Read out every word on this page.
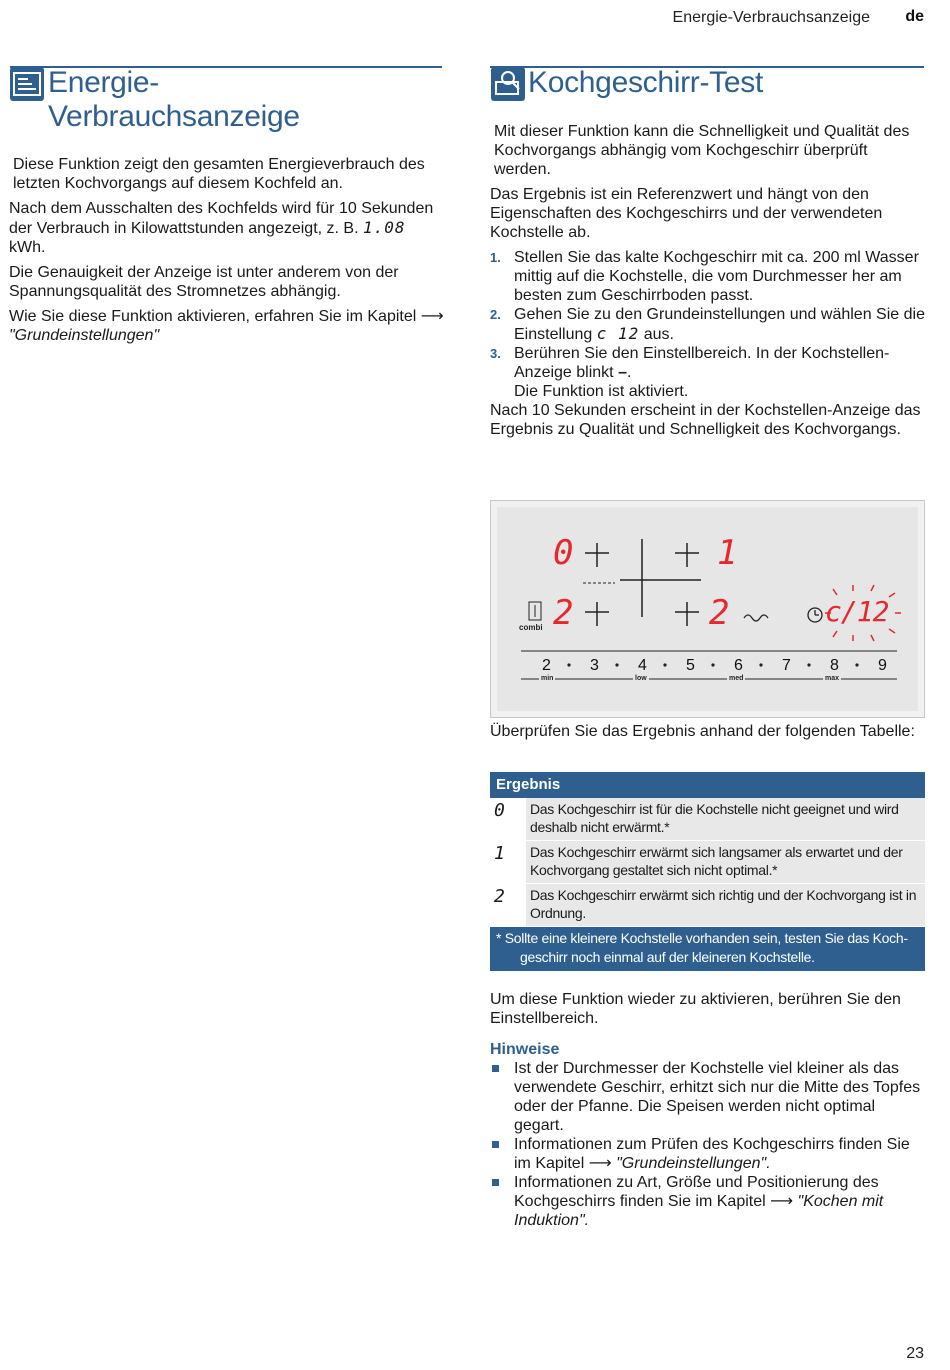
Energie-Verbrauchsanzeige de
Energie-
Verbrauchsanzeige

Diese Funktion zeigt den gesamten Energieverbrauch des letzten Kochvorgangs auf diesem Kochfeld an.

Nach dem Ausschalten des Kochfelds wird für 10 Sekunden der Verbrauch in Kilowattstunden angezeigt, z. B. 1.08 kWh.

Die Genauigkeit der Anzeige ist unter anderem von der Spannungsqualität des Stromnetzes abhängig.

Wie Sie diese Funktion aktivieren, erfahren Sie im Kapitel ⟶ "Grundeinstellungen"

Kochgeschirr-Test

Mit dieser Funktion kann die Schnelligkeit und Qualität des Kochvorgangs abhängig vom Kochgeschirr überprüft werden.

Das Ergebnis ist ein Referenzwert und hängt von den Eigenschaften des Kochgeschirrs und der verwendeten Kochstelle ab.

1. Stellen Sie das kalte Kochgeschirr mit ca. 200 ml Wasser mittig auf die Kochstelle, die vom Durchmesser her am besten zum Geschirrboden passt.
2. Gehen Sie zu den Grundeinstellungen und wählen Sie die Einstellung c 12 aus.
3. Berühren Sie den Einstellbereich. In der Kochstellen-Anzeige blinkt –.
Die Funktion ist aktiviert.

Nach 10 Sekunden erscheint in der Kochstellen-Anzeige das Ergebnis zu Qualität und Schnelligkeit des Kochvorgangs.

0	1
2	2	c/12
combi
2 3 4 5 6 7 8 9
min	low	med	max

Überprüfen Sie das Ergebnis anhand der folgenden Tabelle:

Ergebnis
0	Das Kochgeschirr ist für die Kochstelle nicht geeignet und wird deshalb nicht erwärmt.*
1	Das Kochgeschirr erwärmt sich langsamer als erwartet und der Kochvorgang gestaltet sich nicht optimal.*
2	Das Kochgeschirr erwärmt sich richtig und der Kochvorgang ist in Ordnung.
* Sollte eine kleinere Kochstelle vorhanden sein, testen Sie das Koch-
geschirr noch einmal auf der kleineren Kochstelle.

Um diese Funktion wieder zu aktivieren, berühren Sie den Einstellbereich.

Hinweise
Ist der Durchmesser der Kochstelle viel kleiner als das verwendete Geschirr, erhitzt sich nur die Mitte des Topfes oder der Pfanne. Die Speisen werden nicht optimal gegart.
Informationen zum Prüfen des Kochgeschirrs finden Sie im Kapitel ⟶ "Grundeinstellungen".
Informationen zu Art, Größe und Positionierung des Kochgeschirrs finden Sie im Kapitel ⟶ "Kochen mit Induktion".
23
